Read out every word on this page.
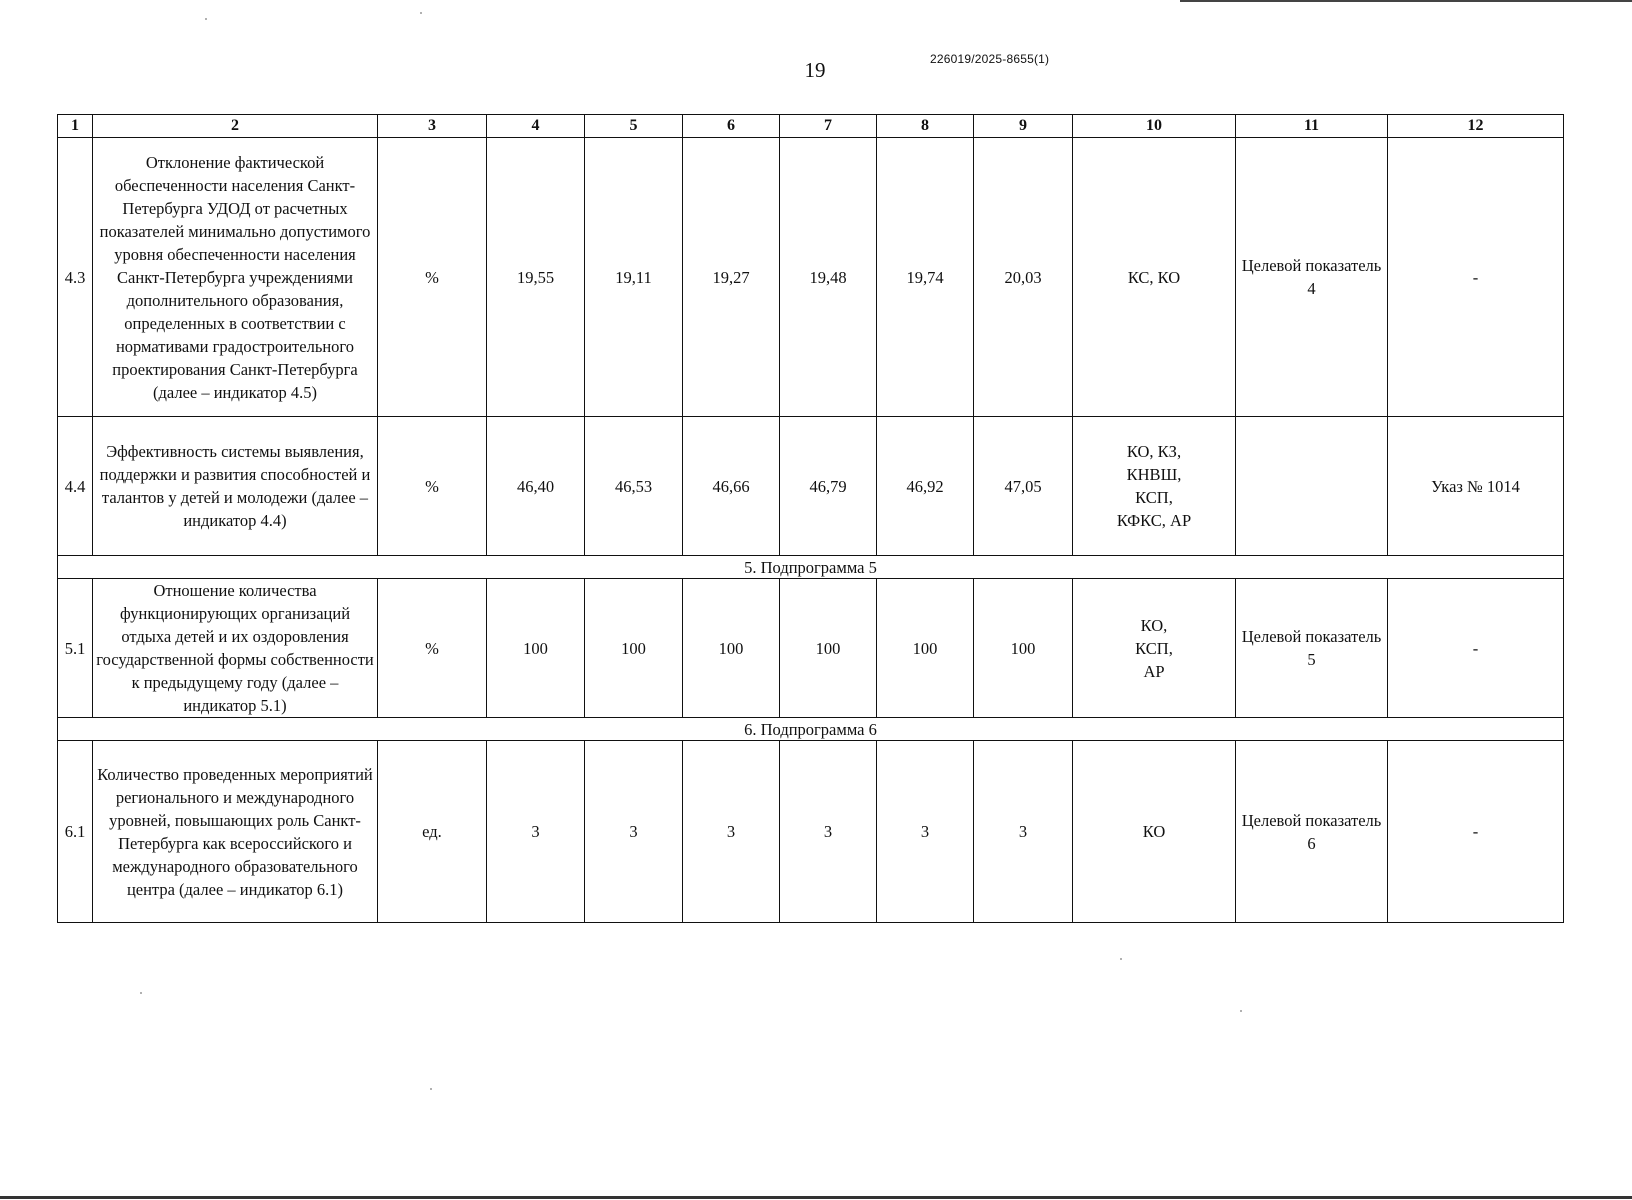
19	226019/2025-8655(1)
1	2	3	4	5	6	7	8	9	10	11	12
4.3	Отклонение фактической обеспеченности населения Санкт-Петербурга УДОД от расчетных показателей минимально допустимого уровня обеспеченности населения Санкт-Петербурга учреждениями дополнительного образования, определенных в соответствии с нормативами градостроительного проектирования Санкт-Петербурга (далее – индикатор 4.5)	%	19,55	19,11	19,27	19,48	19,74	20,03	КС, КО	Целевой показатель 4	-
4.4	Эффективность системы выявления, поддержки и развития способностей и талантов у детей и молодежи (далее – индикатор 4.4)	%	46,40	46,53	46,66	46,79	46,92	47,05	КО, КЗ, КНВШ, КСП, КФКС, АР		Указ № 1014
5. Подпрограмма 5											
5.1	Отношение количества функционирующих организаций отдыха детей и их оздоровления государственной формы собственности к предыдущему году (далее – индикатор 5.1)	%	100	100	100	100	100	100	КО, КСП, АР	Целевой показатель 5	-
6. Подпрограмма 6											
6.1	Количество проведенных мероприятий регионального и международного уровней, повышающих роль Санкт-Петербурга как всероссийского и международного образовательного центра (далее – индикатор 6.1)	ед.	3	3	3	3	3	3	КО	Целевой показатель 6	-
